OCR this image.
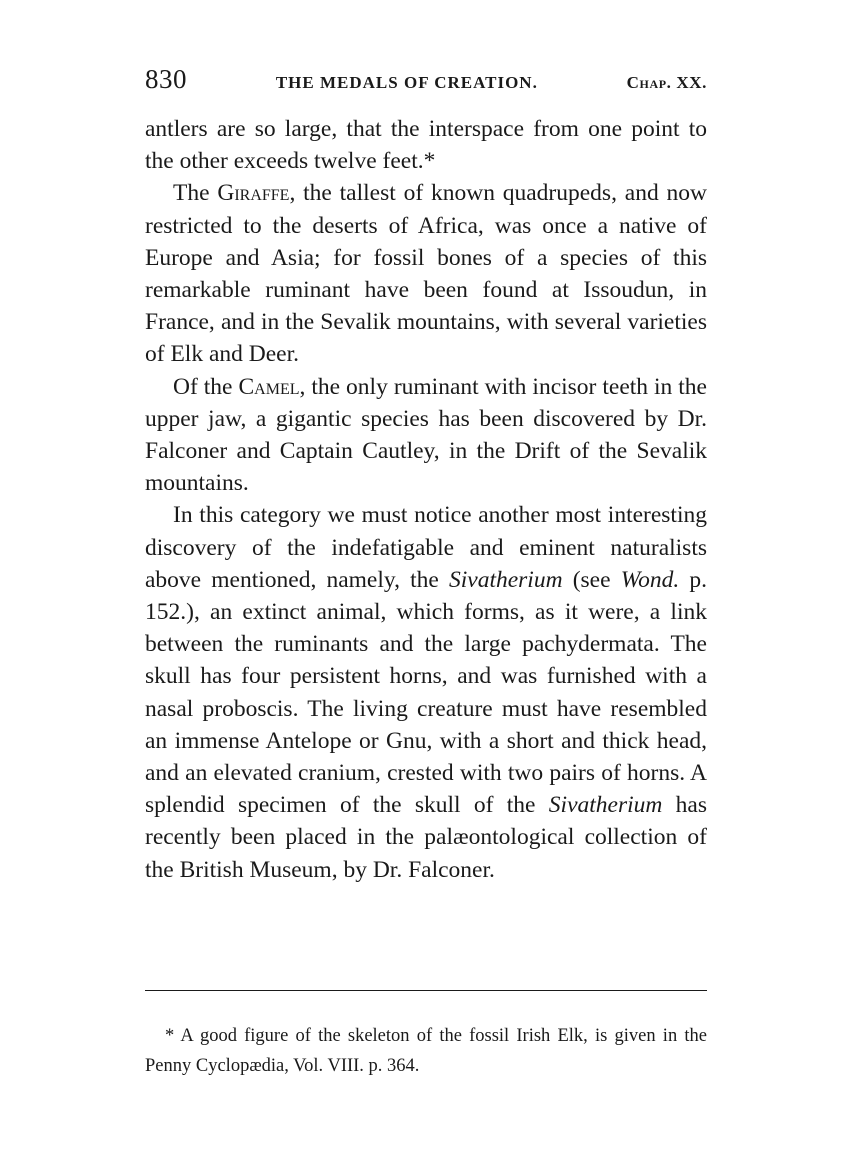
830	THE MEDALS OF CREATION.	Chap. XX.

antlers are so large, that the interspace from one point to the other exceeds twelve feet.*

The Giraffe, the tallest of known quadrupeds, and now restricted to the deserts of Africa, was once a native of Europe and Asia; for fossil bones of a species of this remarkable ruminant have been found at Issoudun, in France, and in the Sevalik mountains, with several varieties of Elk and Deer.

Of the Camel, the only ruminant with incisor teeth in the upper jaw, a gigantic species has been discovered by Dr. Falconer and Captain Cautley, in the Drift of the Sevalik mountains.

In this category we must notice another most interesting discovery of the indefatigable and eminent naturalists above mentioned, namely, the Sivatherium (see Wond. p. 152.), an extinct animal, which forms, as it were, a link between the ruminants and the large pachydermata. The skull has four persistent horns, and was furnished with a nasal proboscis. The living creature must have resembled an immense Antelope or Gnu, with a short and thick head, and an elevated cranium, crested with two pairs of horns. A splendid specimen of the skull of the Sivatherium has recently been placed in the palæontological collection of the British Museum, by Dr. Falconer.

* A good figure of the skeleton of the fossil Irish Elk, is given in the Penny Cyclopædia, Vol. VIII. p. 364.
